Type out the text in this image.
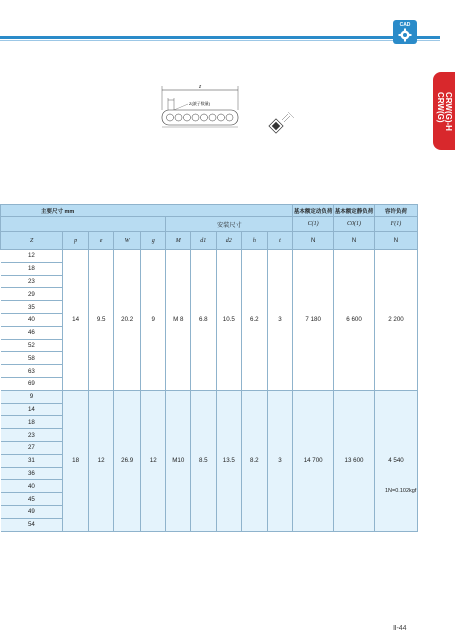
CAD
CRW(G)-H
CRW(G)
Z
Z(滚子数量)
主要尺寸 mm										基本额定动负荷	基本额定静负荷	容许负荷
					安装尺寸					C(1)	C0(1)	F(1)
Z	p	e	W	g	M	d1	d2	h	t	N	N	N
12	14	9.5	20.2	9	M 8	6.8	10.5	6.2	3	7 180	6 600	2 200
18												
23												
29												
35												
40												
46												
52												
58												
63												
69												
9	18	12	26.9	12	M10	8.5	13.5	8.2	3	14 700	13 600	4 540
14												
18												
23												
27												
31												
36												
40												
45												
49												
54												
1N=0.102kgf
Ⅱ-44
